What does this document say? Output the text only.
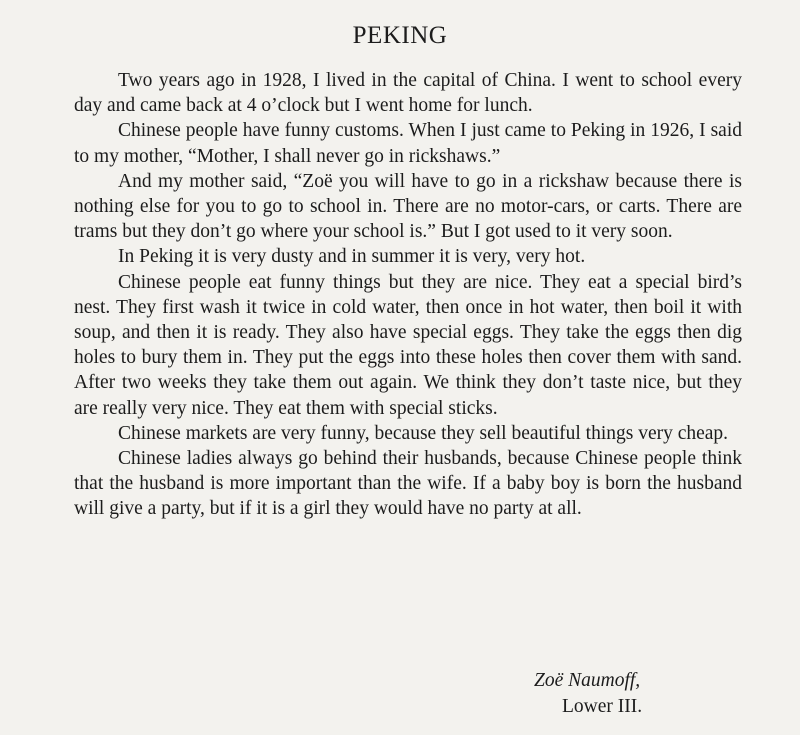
PEKING

Two years ago in 1928, I lived in the capital of China. I went to school every day and came back at 4 o’clock but I went home for lunch.

Chinese people have funny customs. When I just came to Peking in 1926, I said to my mother, “Mother, I shall never go in rickshaws.”

And my mother said, “Zoë you will have to go in a rickshaw because there is nothing else for you to go to school in. There are no motor-cars, or carts. There are trams but they don’t go where your school is.” But I got used to it very soon.

In Peking it is very dusty and in summer it is very, very hot.

Chinese people eat funny things but they are nice. They eat a special bird’s nest. They first wash it twice in cold water, then once in hot water, then boil it with soup, and then it is ready. They also have special eggs. They take the eggs then dig holes to bury them in. They put the eggs into these holes then cover them with sand. After two weeks they take them out again. We think they don’t taste nice, but they are really very nice. They eat them with special sticks.

Chinese markets are very funny, because they sell beautiful things very cheap.

Chinese ladies always go behind their husbands, because Chinese people think that the husband is more important than the wife. If a baby boy is born the husband will give a party, but if it is a girl they would have no party at all.

Zoë Naumoff,
Lower III.
